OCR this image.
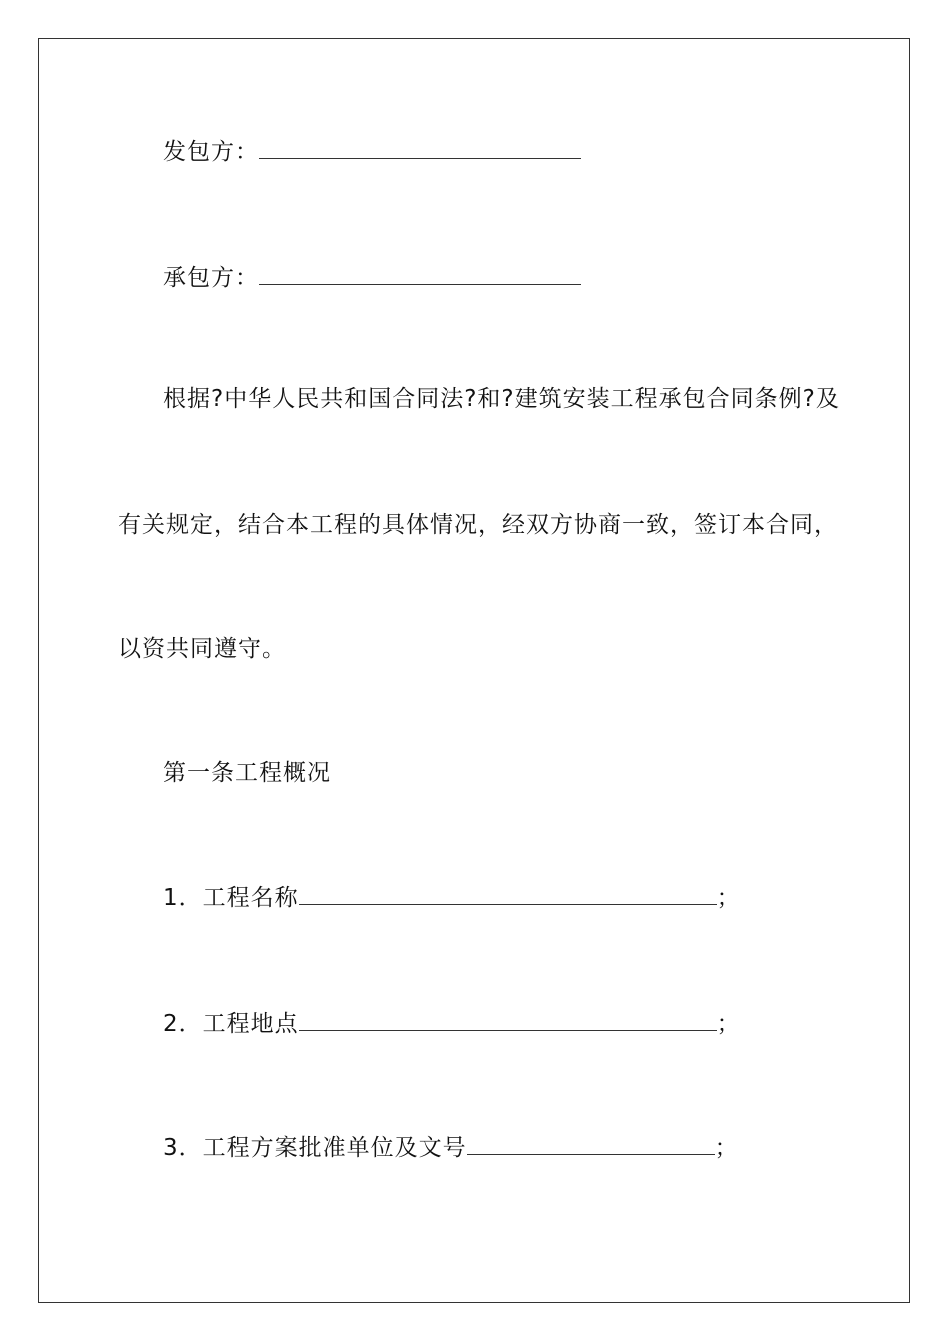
发包方：
承包方：
根据?中华人民共和国合同法?和?建筑安装工程承包合同条例?及
有关规定，结合本工程的具体情况，经双方协商一致，签订本合同，
以资共同遵守。
第一条工程概况
1．工程名称	；
2．工程地点	；
3．工程方案批准单位及文号	；
